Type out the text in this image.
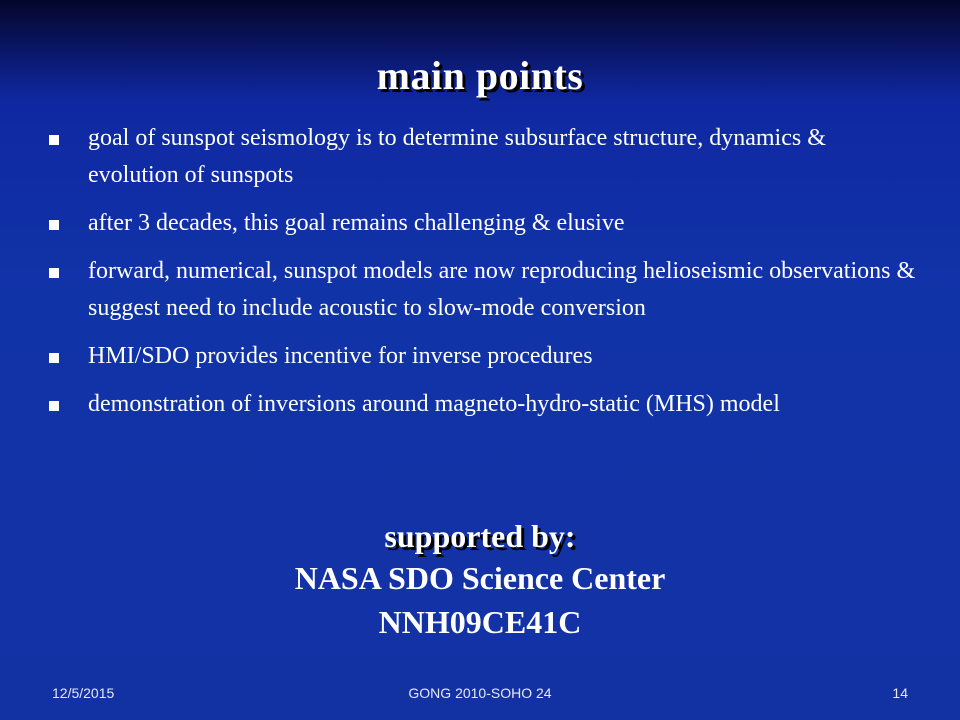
main points
goal of sunspot seismology is to determine subsurface structure, dynamics & evolution of sunspots
after 3 decades, this goal remains challenging & elusive
forward, numerical, sunspot models are now reproducing helioseismic observations & suggest need to include acoustic to slow-mode conversion
HMI/SDO provides incentive for inverse procedures
demonstration of inversions around magneto-hydro-static (MHS) model
supported by:
NASA SDO Science Center
NNH09CE41C
12/5/2015	GONG 2010-SOHO 24	14
